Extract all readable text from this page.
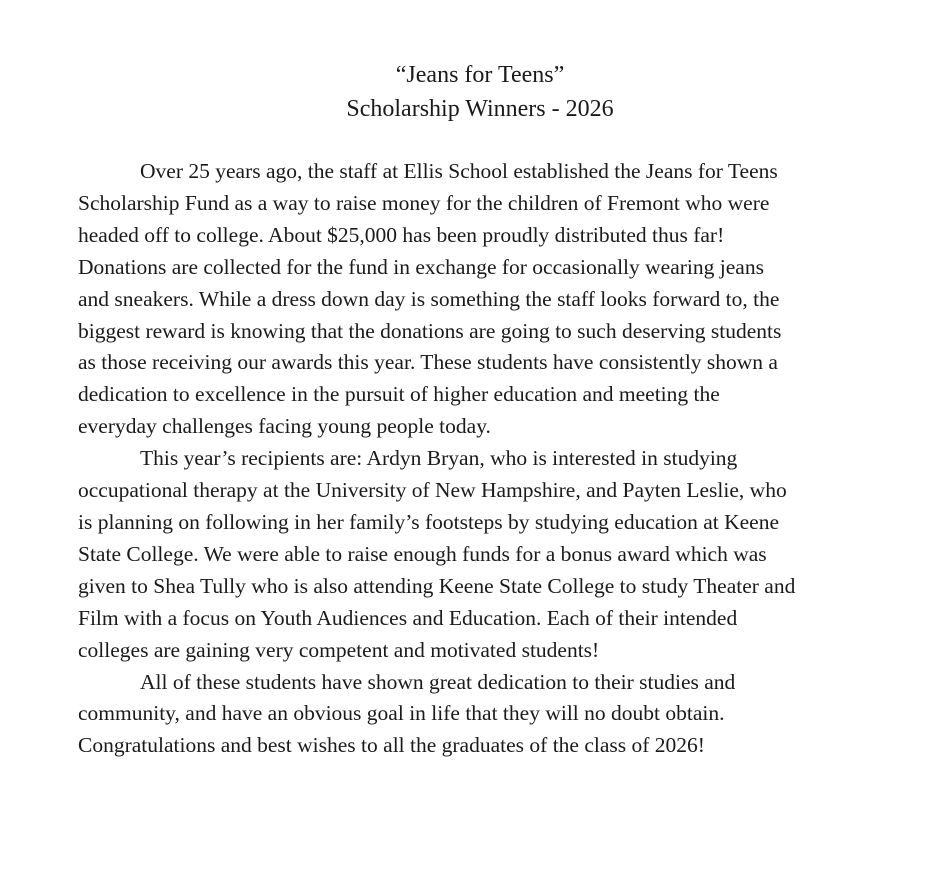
“Jeans for Teens”
Scholarship Winners - 2026
Over 25 years ago, the staff at Ellis School established the Jeans for Teens
Scholarship Fund as a way to raise money for the children of Fremont who were
headed off to college. About $25,000 has been proudly distributed thus far!
Donations are collected for the fund in exchange for occasionally wearing jeans
and sneakers. While a dress down day is something the staff looks forward to, the
biggest reward is knowing that the donations are going to such deserving students
as those receiving our awards this year. These students have consistently shown a
dedication to excellence in the pursuit of higher education and meeting the
everyday challenges facing young people today.
This year’s recipients are: Ardyn Bryan, who is interested in studying
occupational therapy at the University of New Hampshire, and Payten Leslie, who
is planning on following in her family’s footsteps by studying education at Keene
State College. We were able to raise enough funds for a bonus award which was
given to Shea Tully who is also attending Keene State College to study Theater and
Film with a focus on Youth Audiences and Education. Each of their intended
colleges are gaining very competent and motivated students!
All of these students have shown great dedication to their studies and
community, and have an obvious goal in life that they will no doubt obtain.
Congratulations and best wishes to all the graduates of the class of 2026!
